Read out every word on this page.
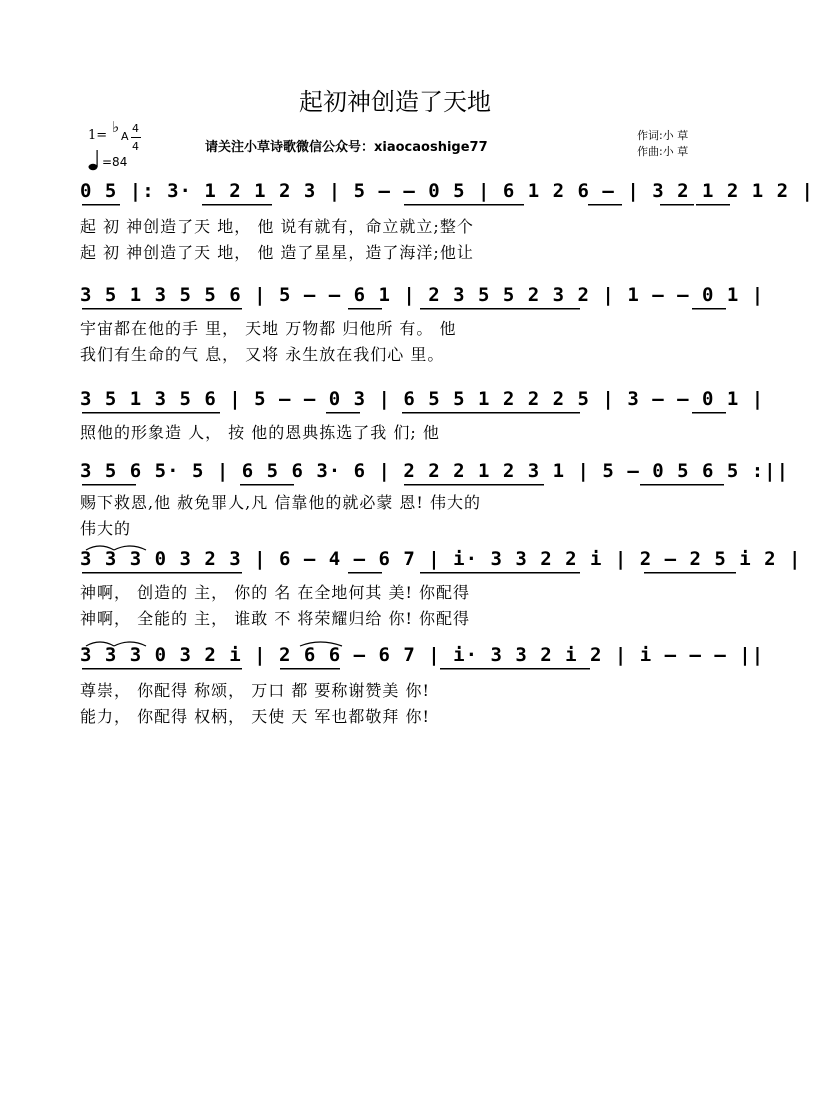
起初神创造了天地
1= ♭
A
4
4
=84
请关注小草诗歌微信公众号：xiaocaoshige77
作词:小 草
作曲:小 草
0 5 |: 3· 1 2 1 2 3 | 5 – – 0 5 | 6 1 2 6 – | 3 2 1 2 1 2 |
起 初 神创造了天 地， 他 说有就有，命立就立;整个
起 初 神创造了天 地， 他 造了星星，造了海洋;他让
3 5 1 3 5 5 6 | 5 – – 6 1 | 2 3 5 5 2 3 2 | 1 – – 0 1 |
宇宙都在他的手 里， 天地 万物都 归他所 有。 他
我们有生命的气 息， 又将 永生放在我们心 里。
3 5 1 3 5 6 | 5 – – 0 3 | 6 5 5 1 2 2 2 5 | 3 – – 0 1 |
照他的形象造 人， 按 他的恩典拣选了我 们; 他
3 5 6 5· 5 | 6 5 6 3· 6 | 2 2 2 1 2 3 1 | 5 – 0 5 6 5 :||
赐下救恩,他 赦免罪人,凡 信靠他的就必蒙 恩! 伟大的
伟大的
3 3 3 0 3 2 3 | 6 – 4 – 6 7 | i· 3 3 2 2 i | 2 – 2 5 i 2 |
神啊， 创造的 主， 你的 名 在全地何其 美! 你配得
神啊， 全能的 主， 谁敢 不 将荣耀归给 你! 你配得
3 3 3 0 3 2 i | 2 6 6 – 6 7 | i· 3 3 2 i 2 | i – – – ||
尊崇， 你配得 称颂， 万口 都 要称谢赞美 你!
能力， 你配得 权柄， 天使 天 军也都敬拜 你!
